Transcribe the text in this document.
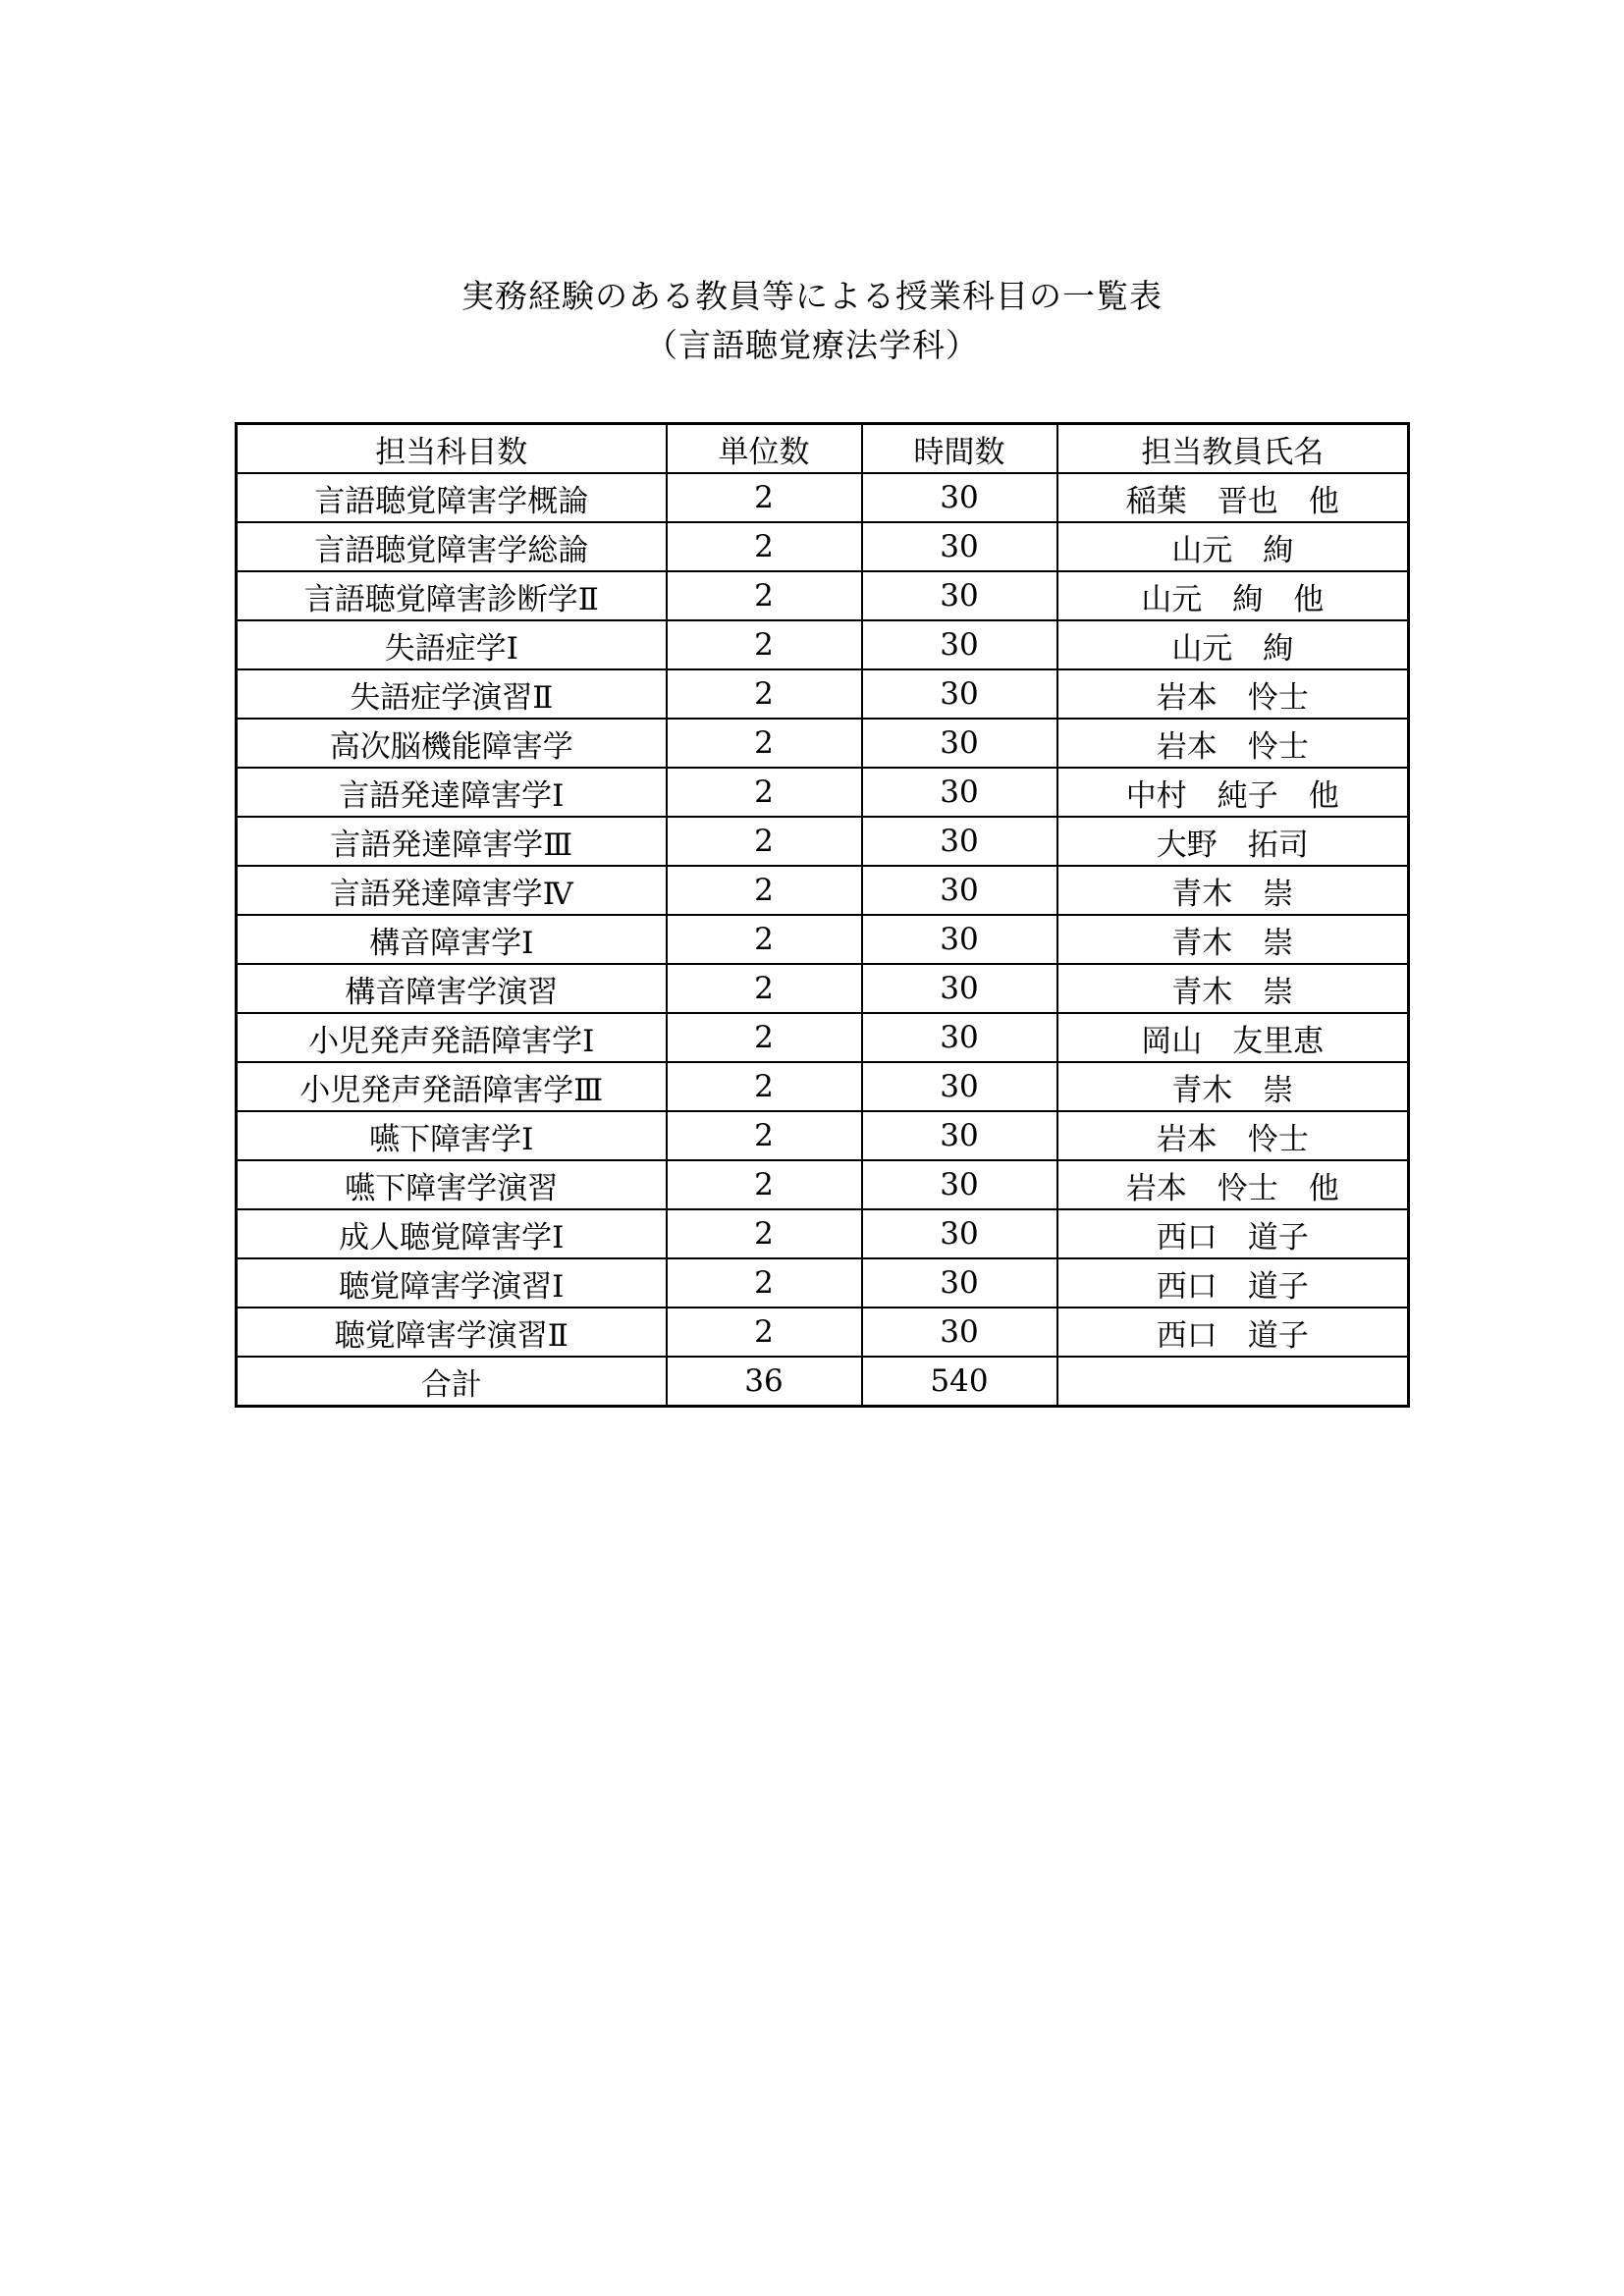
実務経験のある教員等による授業科目の一覧表
（言語聴覚療法学科）
担当科目数	単位数	時間数	担当教員氏名
言語聴覚障害学概論	2	30	稲葉　晋也　他
言語聴覚障害学総論	2	30	山元　絢
言語聴覚障害診断学Ⅱ	2	30	山元　絢　他
失語症学Ⅰ	2	30	山元　絢
失語症学演習Ⅱ	2	30	岩本　怜士
高次脳機能障害学	2	30	岩本　怜士
言語発達障害学Ⅰ	2	30	中村　純子　他
言語発達障害学Ⅲ	2	30	大野　拓司
言語発達障害学Ⅳ	2	30	青木　崇
構音障害学Ⅰ	2	30	青木　崇
構音障害学演習	2	30	青木　崇
小児発声発語障害学Ⅰ	2	30	岡山　友里恵
小児発声発語障害学Ⅲ	2	30	青木　崇
嚥下障害学Ⅰ	2	30	岩本　怜士
嚥下障害学演習	2	30	岩本　怜士　他
成人聴覚障害学Ⅰ	2	30	西口　道子
聴覚障害学演習Ⅰ	2	30	西口　道子
聴覚障害学演習Ⅱ	2	30	西口　道子
合計	36	540	
